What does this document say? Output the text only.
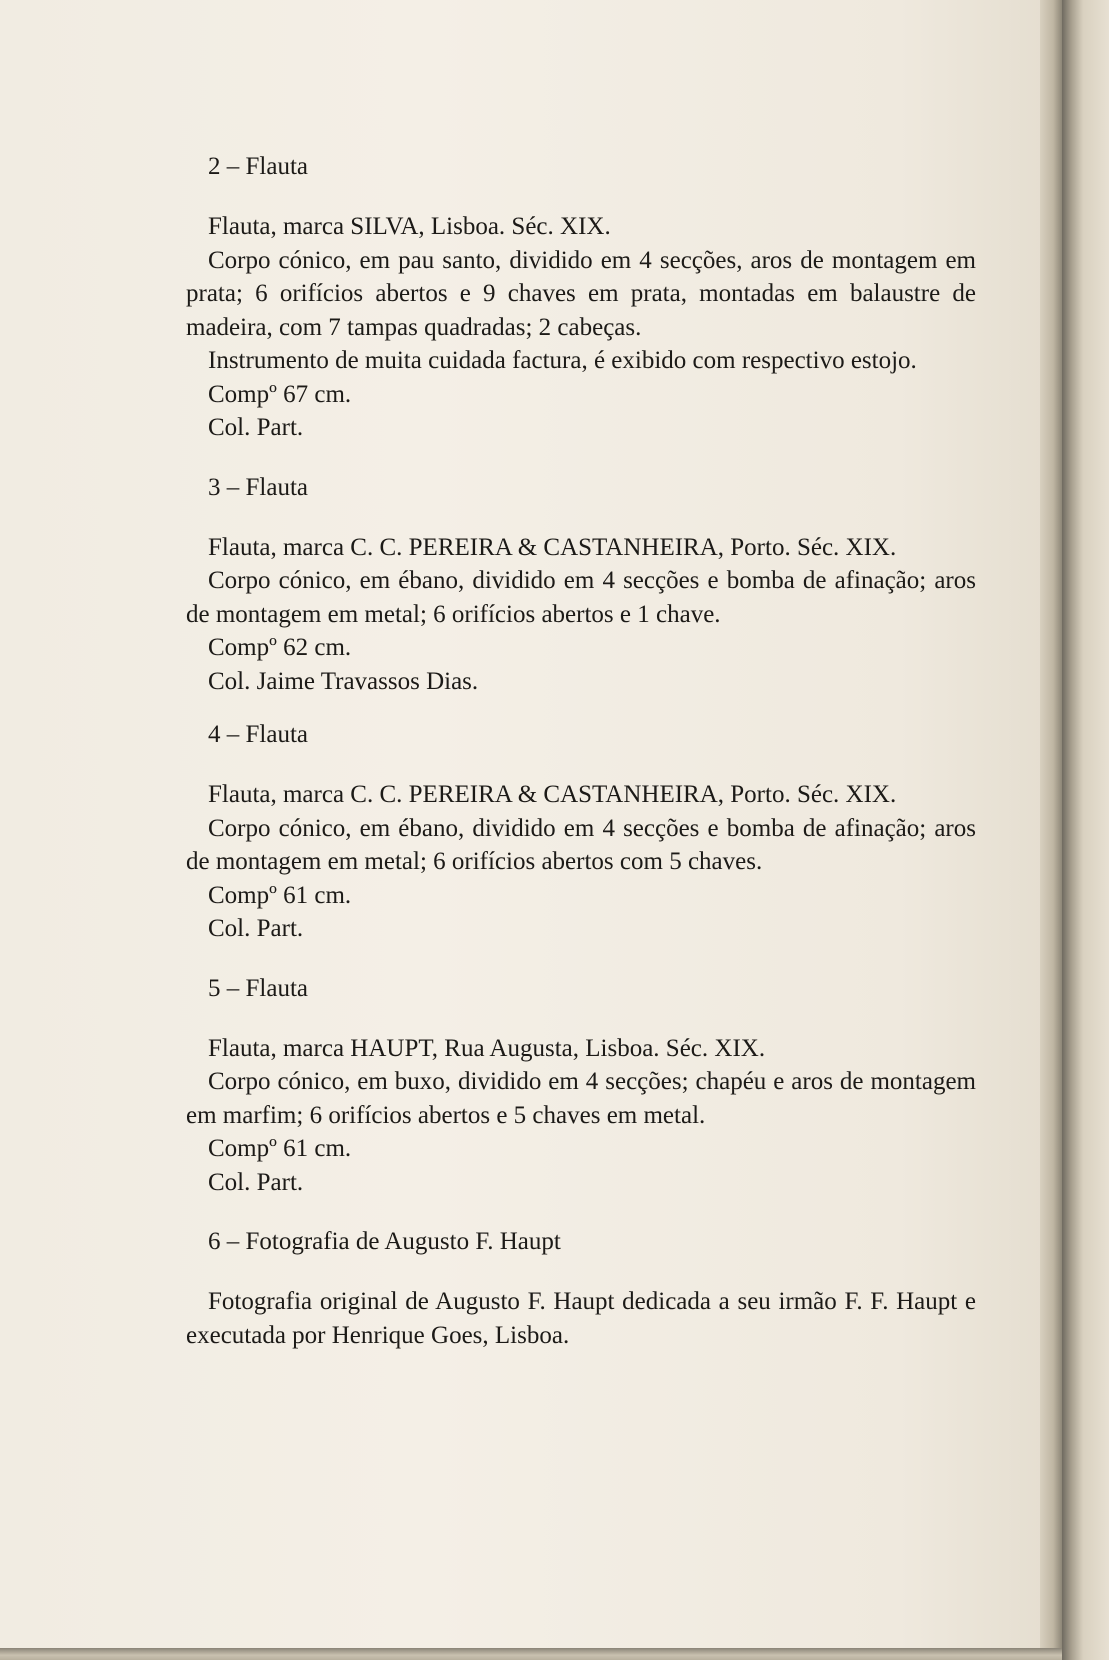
2 – Flauta
Flauta, marca SILVA, Lisboa. Séc. XIX.

Corpo cónico, em pau santo, dividido em 4 secções, aros de montagem em prata; 6 orifícios abertos e 9 chaves em prata, montadas em balaustre de madeira, com 7 tampas quadradas; 2 cabeças.

Instrumento de muita cuidada factura, é exibido com respectivo estojo.

Compº 67 cm.
Col. Part.
3 – Flauta
Flauta, marca C. C. PEREIRA & CASTANHEIRA, Porto. Séc. XIX.

Corpo cónico, em ébano, dividido em 4 secções e bomba de afinação; aros de montagem em metal; 6 orifícios abertos e 1 chave.

Compº 62 cm.
Col. Jaime Travassos Dias.
4 – Flauta
Flauta, marca C. C. PEREIRA & CASTANHEIRA, Porto. Séc. XIX.

Corpo cónico, em ébano, dividido em 4 secções e bomba de afinação; aros de montagem em metal; 6 orifícios abertos com 5 chaves.

Compº 61 cm.
Col. Part.
5 – Flauta
Flauta, marca HAUPT, Rua Augusta, Lisboa. Séc. XIX.

Corpo cónico, em buxo, dividido em 4 secções; chapéu e aros de montagem em marfim; 6 orifícios abertos e 5 chaves em metal.

Compº 61 cm.
Col. Part.
6 – Fotografia de Augusto F. Haupt

Fotografia original de Augusto F. Haupt dedicada a seu irmão F. F. Haupt e executada por Henrique Goes, Lisboa.
